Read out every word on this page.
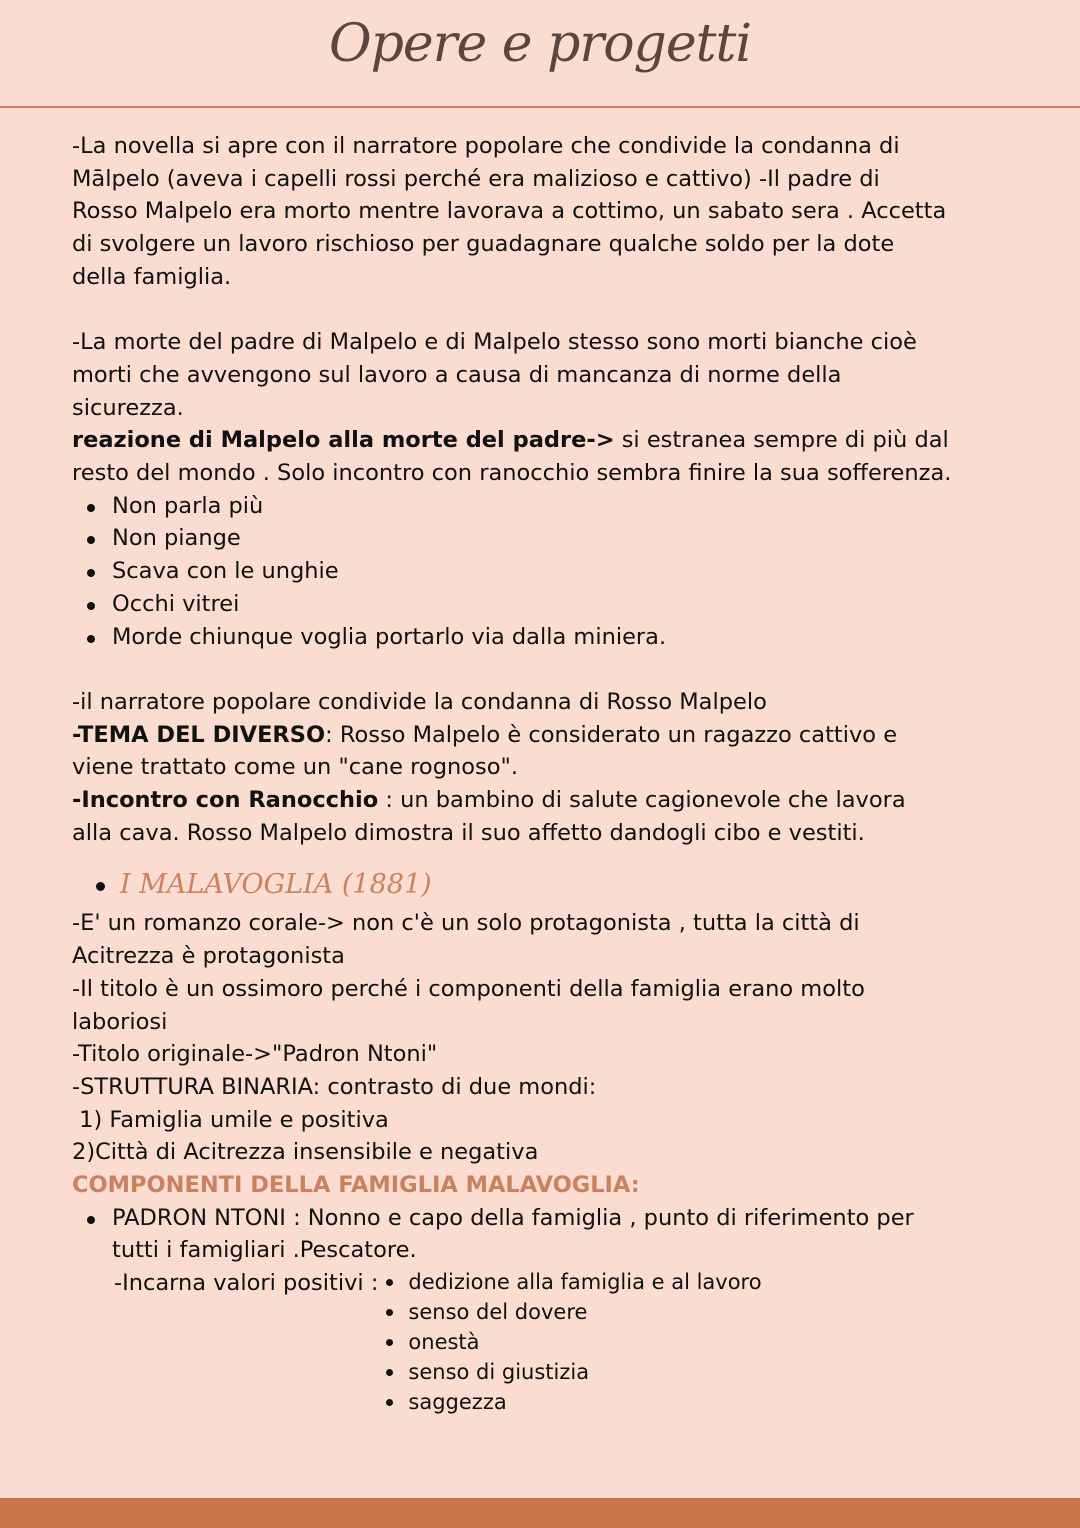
Opere e progetti

-La novella si apre con il narratore popolare che condivide la condanna di Mālpelo (aveva i capelli rossi perché era malizioso e cattivo) -Il padre di Rosso Malpelo era morto mentre lavorava a cottimo, un sabato sera . Accetta di svolgere un lavoro rischioso per guadagnare qualche soldo per la dote della famiglia.

-La morte del padre di Malpelo e di Malpelo stesso sono morti bianche cioè morti che avvengono sul lavoro a causa di mancanza di norme della sicurezza.

reazione di Malpelo alla morte del padre-> si estranea sempre di più dal resto del mondo . Solo incontro con ranocchio sembra finire la sua sofferenza.

Non parla più
Non piange
Scava con le unghie
Occhi vitrei
Morde chiunque voglia portarlo via dalla miniera.

-il narratore popolare condivide la condanna di Rosso Malpelo

-TEMA DEL DIVERSO: Rosso Malpelo è considerato un ragazzo cattivo e viene trattato come un "cane rognoso".

-Incontro con Ranocchio : un bambino di salute cagionevole che lavora alla cava. Rosso Malpelo dimostra il suo affetto dandogli cibo e vestiti.

I MALAVOGLIA (1881)

-E' un romanzo corale-> non c'è un solo protagonista , tutta la città di Acitrezza è protagonista

-Il titolo è un ossimoro perché i componenti della famiglia erano molto laboriosi

-Titolo originale->"Padron Ntoni"

-STRUTTURA BINARIA: contrasto di due mondi:

1) Famiglia umile e positiva

2)Città di Acitrezza insensibile e negativa

COMPONENTI DELLA FAMIGLIA MALAVOGLIA:

PADRON NTONI : Nonno e capo della famiglia , punto di riferimento per tutti i famigliari .Pescatore.
-Incarna valori positivi : dedizione alla famiglia e al lavoro
senso del dovere
onestà
senso di giustizia
saggezza
